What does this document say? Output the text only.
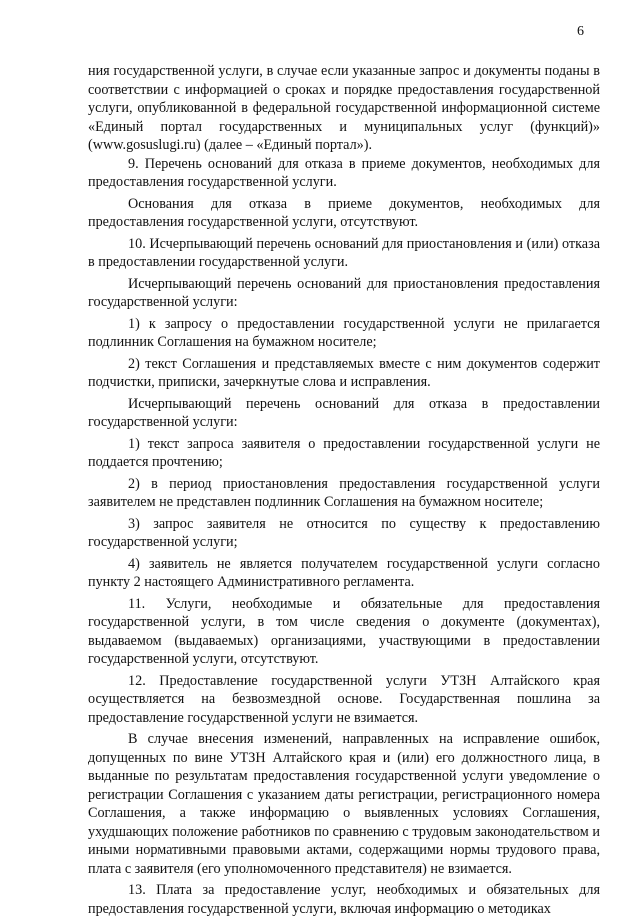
6

ния государственной услуги, в случае если указанные запрос и документы поданы в соответствии с информацией о сроках и порядке предоставления государственной услуги, опубликованной в федеральной государственной информационной системе «Единый портал государственных и муниципальных услуг (функций)» (www.gosuslugi.ru) (далее – «Единый портал»).

9. Перечень оснований для отказа в приеме документов, необходимых для предоставления государственной услуги.

Основания для отказа в приеме документов, необходимых для предоставления государственной услуги, отсутствуют.

10. Исчерпывающий перечень оснований для приостановления и (или) отказа в предоставлении государственной услуги.

Исчерпывающий перечень оснований для приостановления предоставления государственной услуги:

1) к запросу о предоставлении государственной услуги не прилагается подлинник Соглашения на бумажном носителе;

2) текст Соглашения и представляемых вместе с ним документов содержит подчистки, приписки, зачеркнутые слова и исправления.

Исчерпывающий перечень оснований для отказа в предоставлении государственной услуги:

1) текст запроса заявителя о предоставлении государственной услуги не поддается прочтению;

2) в период приостановления предоставления государственной услуги заявителем не представлен подлинник Соглашения на бумажном носителе;

3) запрос заявителя не относится по существу к предоставлению государственной услуги;

4) заявитель не является получателем государственной услуги согласно пункту 2 настоящего Административного регламента.

11. Услуги, необходимые и обязательные для предоставления государственной услуги, в том числе сведения о документе (документах), выдаваемом (выдаваемых) организациями, участвующими в предоставлении государственной услуги, отсутствуют.

12. Предоставление государственной услуги УТЗН Алтайского края осуществляется на безвозмездной основе. Государственная пошлина за предоставление государственной услуги не взимается.

В случае внесения изменений, направленных на исправление ошибок, допущенных по вине УТЗН Алтайского края и (или) его должностного лица, в выданные по результатам предоставления государственной услуги уведомление о регистрации Соглашения с указанием даты регистрации, регистрационного номера Соглашения, а также информацию о выявленных условиях Соглашения, ухудшающих положение работников по сравнению с трудовым законодательством и иными нормативными правовыми актами, содержащими нормы трудового права, плата с заявителя (его уполномоченного представителя) не взимается.

13. Плата за предоставление услуг, необходимых и обязательных для предоставления государственной услуги, включая информацию о методиках
